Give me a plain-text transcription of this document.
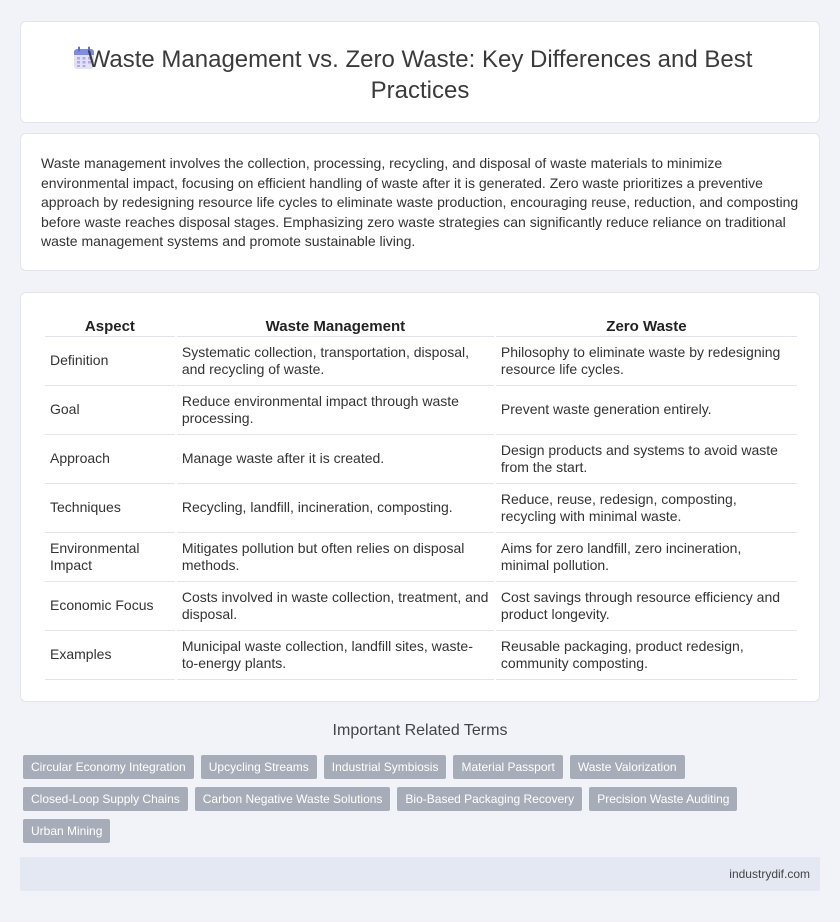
Waste Management vs. Zero Waste: Key Differences and Best Practices

Waste management involves the collection, processing, recycling, and disposal of waste materials to minimize environmental impact, focusing on efficient handling of waste after it is generated. Zero waste prioritizes a preventive approach by redesigning resource life cycles to eliminate waste production, encouraging reuse, reduction, and composting before waste reaches disposal stages. Emphasizing zero waste strategies can significantly reduce reliance on traditional waste management systems and promote sustainable living.

Aspect	Waste Management	Zero Waste
Definition	Systematic collection, transportation, disposal, and recycling of waste.	Philosophy to eliminate waste by redesigning resource life cycles.
Goal	Reduce environmental impact through waste processing.	Prevent waste generation entirely.
Approach	Manage waste after it is created.	Design products and systems to avoid waste from the start.
Techniques	Recycling, landfill, incineration, composting.	Reduce, reuse, redesign, composting, recycling with minimal waste.
Environmental Impact	Mitigates pollution but often relies on disposal methods.	Aims for zero landfill, zero incineration, minimal pollution.
Economic Focus	Costs involved in waste collection, treatment, and disposal.	Cost savings through resource efficiency and product longevity.
Examples	Municipal waste collection, landfill sites, waste-to-energy plants.	Reusable packaging, product redesign, community composting.
Important Related Terms
Circular Economy Integration	Upcycling Streams	Industrial Symbiosis	Material Passport	Waste Valorization
Closed-Loop Supply Chains	Carbon Negative Waste Solutions	Bio-Based Packaging Recovery	Precision Waste Auditing
Urban Mining
industrydif.com
